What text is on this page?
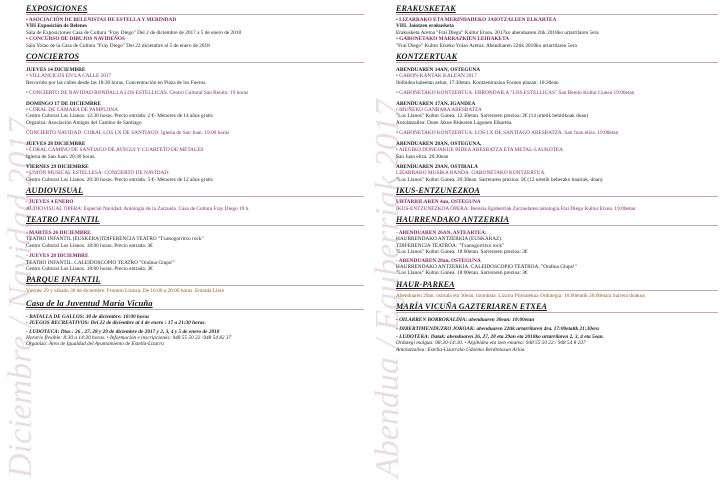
Diciembre / Navidad 2017	Abendua / Eguberriak 2017
EXPOSICIONES

• ASOCIACIÓN DE BELENISTAS DE ESTELLA Y MERINDAD

VIII Exposición de Belenes

Sala de Exposiciones Casa de Cultura "Fray Diego" Del 2 de diciembre de 2017 a 5 de enero de 2018

• CONCURSO DE DIBUJOS NAVIDEÑOS

Sala Yolao de la Casa de Cultura "Fray Diego" Del 22 diciembre al 5 de enero de 2018

CONCIERTOS

JUEVES 14 DICIEMBRE

• VILLANCICOS EN LA CALLE 2017

Recorrido por las calles desde las 18:30 horas. Concentración en Plaza de los Fueros.

• CONCIERTO DE NAVIDAD RONDALLA LOS ESTELLICAS. Centro Cultural San Benito: 19 horas

DOMINGO 17 DE DICIEMBRE

• CORAL DE CÁMARA DE PAMPLONA

Centro Cultural Los Llanos. 12:30 horas. Precio entrada: 2 €- Menores de 14 años gratis

Organiza: Asociación Amigos del Camino de Santiago

CONCIERTO NAVIDAD: CORAL LOS LX DE SANTIAGO. Iglesia de San Juan. 19:00 horas

JUEVES 28 DICIEMBRE

• CORAL CAMINO DE SANTIAGO DE AYEGUI Y CUARTETO DE METALES

Iglesia de San Juan. 20:30 horas.

VIERNES 29 DICIEMBRE

• UNIÓN MUSICAL ESTELLESA: CONCIERTO DE NAVIDAD:

Centro Cultural Los Llanos. 20:30 horas. Precio entrada: 5 €- Menores de 12 años gratis

AUDIOVISUAL

- JUEVES 4 ENERO

AUDIOVISUAL ÓPERA: Especial Navidad. Antología de la Zarzuela. Casa de Cultura Fray Diego 19 h.

TEATRO INFANTIL

- MARTES 26 DICIEMBRE

TEATRO INFANTIL (EUSKERA)TDIFERENCIA TEATRO "Txanogorritxo rock"

Centro Cultural Los Llanos. 18:00 horas. Precio entrada: 3€

- JUEVES 28 DICIEMBRE

TEATRO INFANTIL. CALEIDOSCOPIO TEATRO "Ondina Glups!"

Centro Cultural Los Llanos. 18:00 horas. Precio entrada: 3€

PARQUE INFANTIL

Viernes 29 y sábado 30 de diciembre. Frontón Lizarra. De 16:00 a 20:00 horas. Entrada Libre

Casa de la Juventud María Vicuña

- BATALLA DE GALLOS: 30 de diciembre: 18:00 horas

- JUEGOS RECREATIVOS: Del 22 de diciembre al 4 de enero : 17 a 21:30 horas.

- LUDOTECA: Días : 26 , 27, 28 y 29 de diciembre de 2017 y 2, 3, 4 y 5 de enero de 2018

Horario flexible: 8:30 a 14:30 horas. • Información e inscripciones: 948 55 50 22 -948 54 82 37

Organiza: Área de Igualdad del Ayuntamiento de Estella-Lizarra

ERAKUSKETAK

• LIZARRAKO ETA MERINDADEKO JAIOTZALEEN ELKARTEA

VIII. Jaiotzen erakusketa

Erakusketa Aretoa "Frai Diego" Kultur Etxea. 2017ko abenduaren 2tik 2018ko urtarrilaren 5era

• GABONETAKO MARRAZKIEN LEHIAKETA

"Frai Diego" Kultur Etxeko Yolao Aretoa. Abenduaren 22tik 2018ko urtarrilaren 5era

KONTZERTUAK

ABENDUAREN 14AN, OSTEGUNA

• GABON-KANTAK KALEAN 2017

Ibilbidea kaleetan zehar, 17:30etan. Kontzentrazioa Foruen plazan: 18:30ean

• GABONETAKO KONTZERTUA. ERRONDAILA "LOS ESTELLICAS" San Benito Kultur Gunea 19:00etan

ABENDUAREN 17AN, IGANDEA

• IRUÑEKO GANBARA ABESBATZA

"Los Llanos" Kultur Gunea. 12:30etan. Sarreraren prezioa: 2€ (14 urtetik behitikoak doan)

Antolatzailea: Done Jakue Bidearen Lagunen Elkartea.

• GABONETAKO KONTZERTUA: LOS LX DE SANTIAGO ABESBATZA. San Juan eliza. 19:00etan

ABENDUAREN 28AN, OSTEGUNA,

• AIEGIKO DONEJAKUE BIDEA ABESBATZA ETA METAL-LAUKOTEA

San Juan eliza. 20:30ean

ABENDUAREN 29AN, OSTIRALA

LIZARRAKO MUSIKA BANDA. GABONETAKO KONTZERTUA.

"Los Llanos" Kultur Gunea. 20:30ean. Sarreraren prezioa: 5€ (12 urtetik beherako haurrak, doan)

IKUS-ENTZUNEZKOA

URTARRILAREN 4an, OSTEGUNA

IKUS-ENTZUNEZKOA ÓPERA: Berezia Eguberriak Zarzuelaren antologia.Frai Diego Kultur Etxea. 19:00etan

HAURRENDAKO ANTZERKIA

- ABENDUAREN 26AN, ASTEARTEA:

HAURRENDAKO ANTZERKIA (EUSKARAZ).

TDIFERENCIA TEATROA: "Txanogorritxo rock"

"Los Llanos" Kultur Gunea. 18:00etan. Sarreraren prezioa: 3€

- ABENDUAREN 28an, OSTEGUNA

HAURRENDAKO ANTZERKIA. CALEIDOSCOPIO TEATROA: "Ondina Glups!"

"Los Llanos" Kultur Gunea. 18:00etan. Sarreraren prezioa: 3€

HAUR-PARKEA

Abenduaren 29an, ostirala eta 30ean, larunbata. Lizarra Pilotalekua Ordutegia: 16:00etatik 20:00etara Sarrera doakoa

MARÍA VICUÑA GAZTERIAREN ETXEA

- OILARREN BORROKALDIA: abenduaren 30ean: 18:00etan

- DIBERTIMENDUZKO JOKOAK: abenduaren 22tik urtarrilaren 4ra. 17:00etatik 21:30era

- LUDOTEKA: Datak: abenduaren 26, 27, 28 eta 29an eta 2018ko urtarrilaren 2, 3, 4 eta 5ean.

Ordutegi malgua: 08:30-14:30. • Argibidea eta izen ematea: 948 55 50 22 / 948 54 8 237

Antolatzailea: Estella-Lizarrako Udaleko Berdintasun Arloa.
